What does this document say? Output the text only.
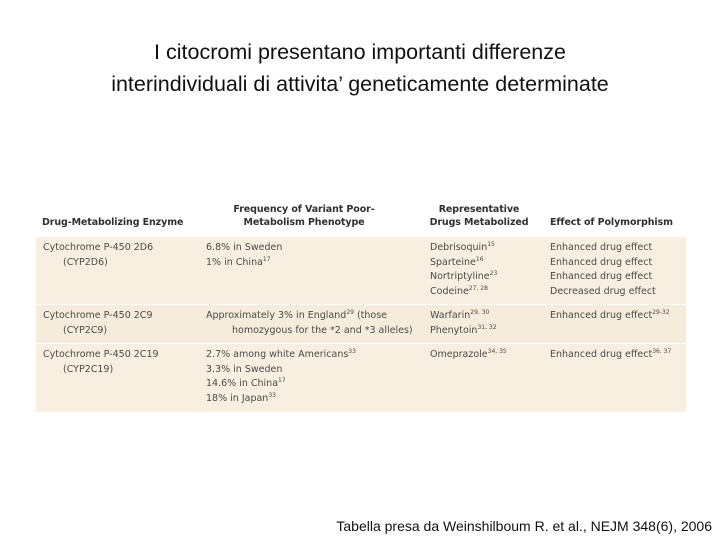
I citocromi presentano importanti differenze
interindividuali di attivita’ geneticamente determinate
Drug-Metabolizing Enzyme
Frequency of Variant Poor-
Metabolism Phenotype
Representative
Drugs Metabolized	Effect of Polymorphism
Cytochrome P-450 2D6
(CYP2D6)
6.8% in Sweden
1% in China$^{17}$
Debrisoquin$^{15}$
Sparteine$^{16}$
Nortriptyline$^{23}$
Codeine$^{27, 28}$
Enhanced drug effect
Enhanced drug effect
Enhanced drug effect
Decreased drug effect
Cytochrome P-450 2C9
(CYP2C9)
Approximately 3% in England$^{29}$ (those
homozygous for the *2 and *3 alleles)
Warfarin$^{29, 30}$
Phenytoin$^{31, 32}$
Enhanced drug effect$^{29-32}$
Cytochrome P-450 2C19
(CYP2C19)
2.7% among white Americans$^{33}$
3.3% in Sweden
14.6% in China$^{17}$
18% in Japan$^{33}$
Omeprazole$^{34, 35}$	Enhanced drug effect$^{36, 37}$
Tabella presa da Weinshilboum R. et al., NEJM 348(6), 2006
